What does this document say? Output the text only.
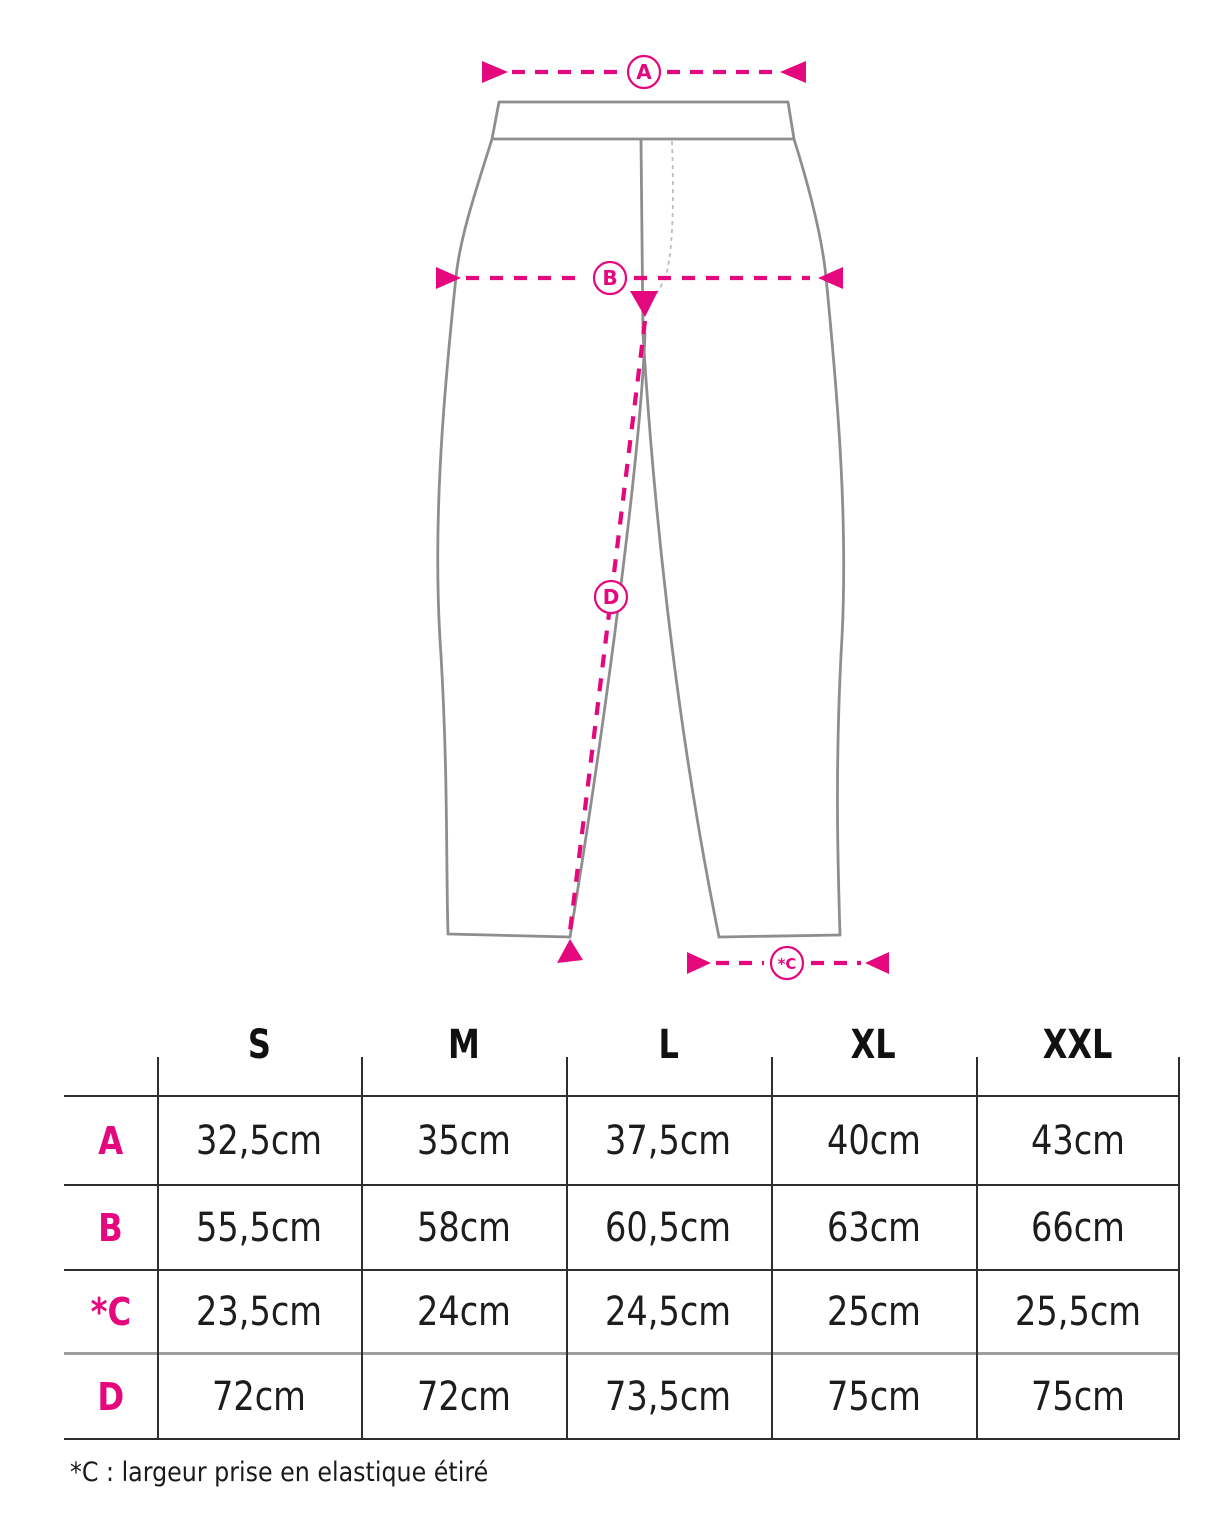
A
B
D
*C
S	M	L	XL	XXL
A 32,5cm 35cm 37,5cm 40cm	43cm
B 55,5cm 58cm 60,5cm 63cm	66cm
*C 23,5cm 24cm 24,5cm 25cm 25,5cm
D 72cm	72cm 73,5cm 75cm	75cm
*C : largeur prise en elastique étiré
